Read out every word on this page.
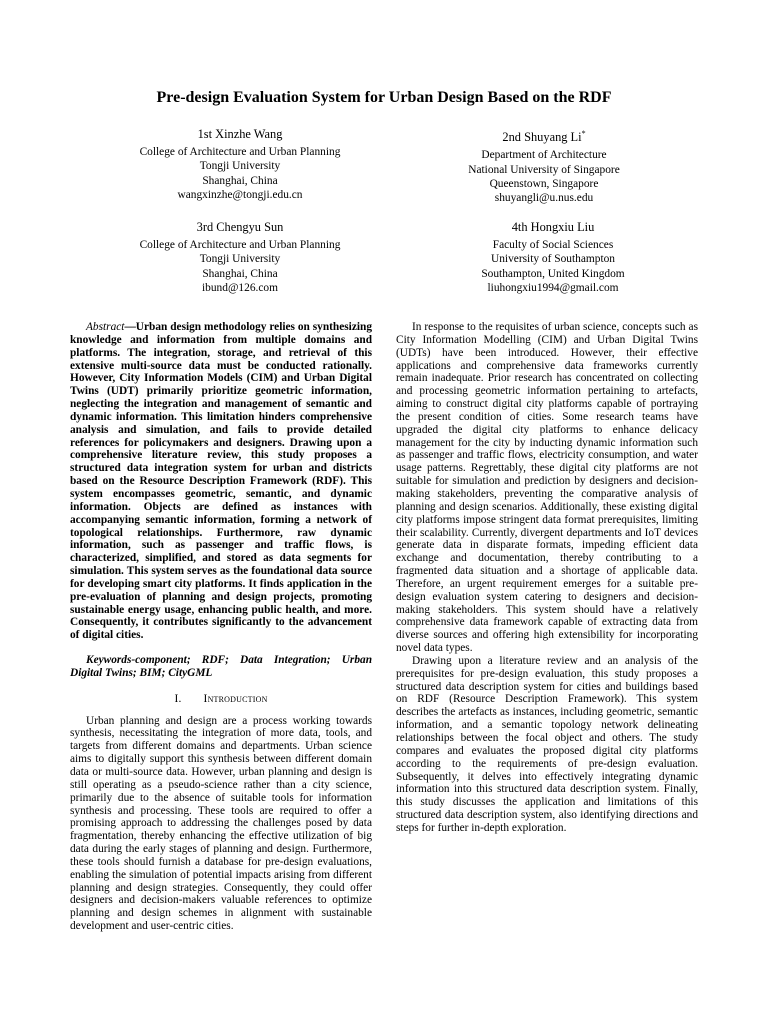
Pre-design Evaluation System for Urban Design Based on the RDF
1st Xinzhe Wang
College of Architecture and Urban Planning
Tongji University
Shanghai, China
wangxinzhe@tongji.edu.cn
2nd Shuyang Li*
Department of Architecture
National University of Singapore
Queenstown, Singapore
shuyangli@u.nus.edu
3rd Chengyu Sun
College of Architecture and Urban Planning
Tongji University
Shanghai, China
ibund@126.com
4th Hongxiu Liu
Faculty of Social Sciences
University of Southampton
Southampton, United Kingdom
liuhongxiu1994@gmail.com

Abstract—Urban design methodology relies on synthesizing knowledge and information from multiple domains and platforms. The integration, storage, and retrieval of this extensive multi-source data must be conducted rationally. However, City Information Models (CIM) and Urban Digital Twins (UDT) primarily prioritize geometric information, neglecting the integration and management of semantic and dynamic information. This limitation hinders comprehensive analysis and simulation, and fails to provide detailed references for policymakers and designers. Drawing upon a comprehensive literature review, this study proposes a structured data integration system for urban and districts based on the Resource Description Framework (RDF). This system encompasses geometric, semantic, and dynamic information. Objects are defined as instances with accompanying semantic information, forming a network of topological relationships. Furthermore, raw dynamic information, such as passenger and traffic flows, is characterized, simplified, and stored as data segments for simulation. This system serves as the foundational data source for developing smart city platforms. It finds application in the pre-evaluation of planning and design projects, promoting sustainable energy usage, enhancing public health, and more. Consequently, it contributes significantly to the advancement of digital cities.

Keywords-component; RDF; Data Integration; Urban Digital Twins; BIM; CityGML

I. Introduction

Urban planning and design are a process working towards synthesis, necessitating the integration of more data, tools, and targets from different domains and departments. Urban science aims to digitally support this synthesis between different domain data or multi-source data. However, urban planning and design is still operating as a pseudo-science rather than a city science, primarily due to the absence of suitable tools for information synthesis and processing. These tools are required to offer a promising approach to addressing the challenges posed by data fragmentation, thereby enhancing the effective utilization of big data during the early stages of planning and design. Furthermore, these tools should furnish a database for pre-design evaluations, enabling the simulation of potential impacts arising from different planning and design strategies. Consequently, they could offer designers and decision-makers valuable references to optimize planning and design schemes in alignment with sustainable development and user-centric cities.

In response to the requisites of urban science, concepts such as City Information Modelling (CIM) and Urban Digital Twins (UDTs) have been introduced. However, their effective applications and comprehensive data frameworks currently remain inadequate. Prior research has concentrated on collecting and processing geometric information pertaining to artefacts, aiming to construct digital city platforms capable of portraying the present condition of cities. Some research teams have upgraded the digital city platforms to enhance delicacy management for the city by inducting dynamic information such as passenger and traffic flows, electricity consumption, and water usage patterns. Regrettably, these digital city platforms are not suitable for simulation and prediction by designers and decision-making stakeholders, preventing the comparative analysis of planning and design scenarios. Additionally, these existing digital city platforms impose stringent data format prerequisites, limiting their scalability. Currently, divergent departments and IoT devices generate data in disparate formats, impeding efficient data exchange and documentation, thereby contributing to a fragmented data situation and a shortage of applicable data. Therefore, an urgent requirement emerges for a suitable pre-design evaluation system catering to designers and decision-making stakeholders. This system should have a relatively comprehensive data framework capable of extracting data from diverse sources and offering high extensibility for incorporating novel data types.

Drawing upon a literature review and an analysis of the prerequisites for pre-design evaluation, this study proposes a structured data description system for cities and buildings based on RDF (Resource Description Framework). This system describes the artefacts as instances, including geometric, semantic information, and a semantic topology network delineating relationships between the focal object and others. The study compares and evaluates the proposed digital city platforms according to the requirements of pre-design evaluation. Subsequently, it delves into effectively integrating dynamic information into this structured data description system. Finally, this study discusses the application and limitations of this structured data description system, also identifying directions and steps for further in-depth exploration.
